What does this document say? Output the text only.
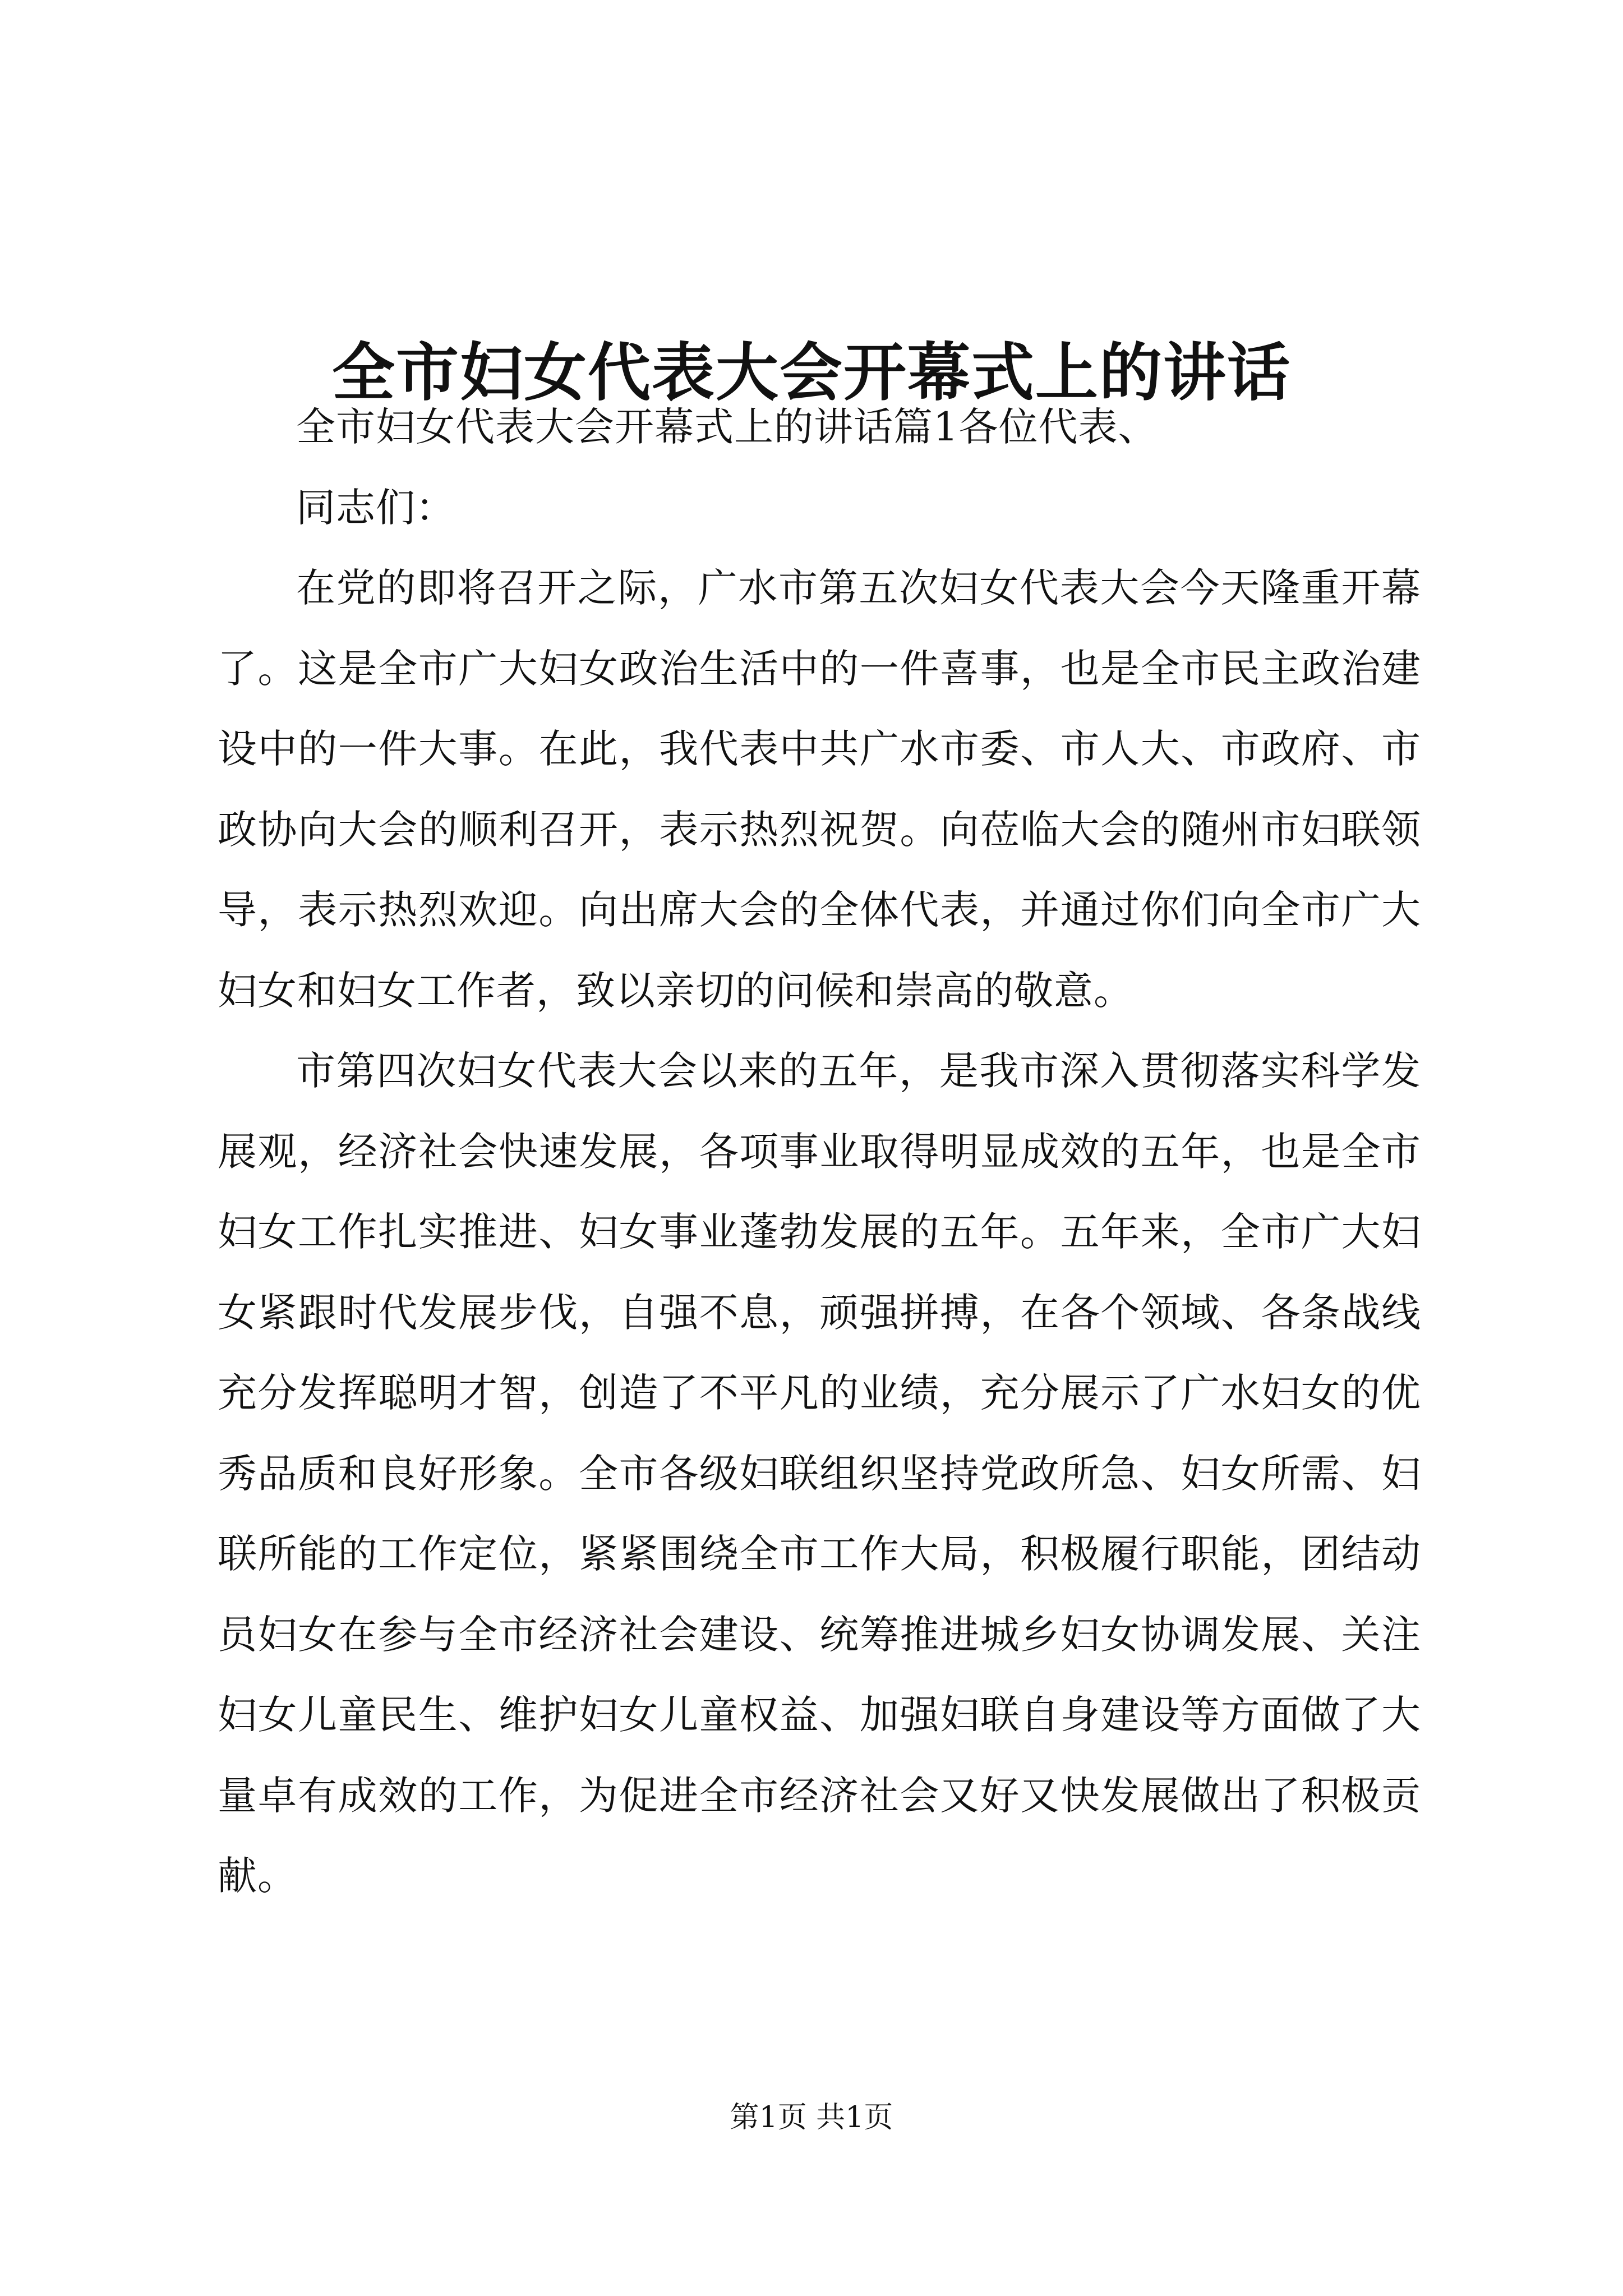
全市妇女代表大会开幕式上的讲话

全市妇女代表大会开幕式上的讲话篇1各位代表、

同志们：

在党的即将召开之际，广水市第五次妇女代表大会今天隆重开幕了。这是全市广大妇女政治生活中的一件喜事，也是全市民主政治建设中的一件大事。在此，我代表中共广水市委、市人大、市政府、市政协向大会的顺利召开，表示热烈祝贺。向莅临大会的随州市妇联领导，表示热烈欢迎。向出席大会的全体代表，并通过你们向全市广大妇女和妇女工作者，致以亲切的问候和崇高的敬意。

市第四次妇女代表大会以来的五年，是我市深入贯彻落实科学发展观，经济社会快速发展，各项事业取得明显成效的五年，也是全市妇女工作扎实推进、妇女事业蓬勃发展的五年。五年来，全市广大妇女紧跟时代发展步伐，自强不息，顽强拼搏，在各个领域、各条战线充分发挥聪明才智，创造了不平凡的业绩，充分展示了广水妇女的优秀品质和良好形象。全市各级妇联组织坚持党政所急、妇女所需、妇联所能的工作定位，紧紧围绕全市工作大局，积极履行职能，团结动员妇女在参与全市经济社会建设、统筹推进城乡妇女协调发展、关注妇女儿童民生、维护妇女儿童权益、加强妇联自身建设等方面做了大量卓有成效的工作，为促进全市经济社会又好又快发展做出了积极贡献。

第1页 共1页
